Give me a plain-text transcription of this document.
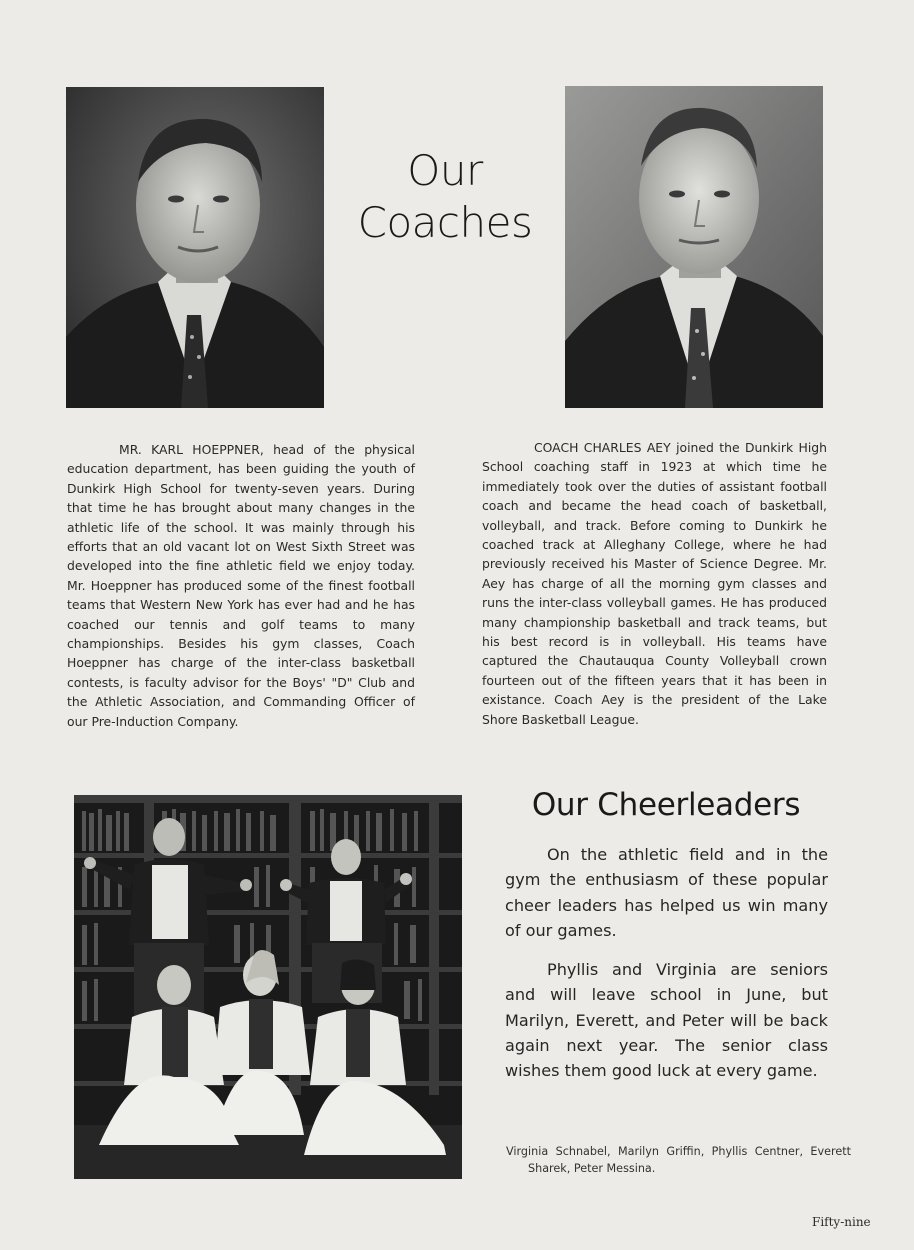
Our
Coaches

MR. KARL HOEPPNER, head of the physical education department, has been guiding the youth of Dunkirk High School for twenty-seven years. During that time he has brought about many changes in the athletic life of the school. It was mainly through his efforts that an old vacant lot on West Sixth Street was developed into the fine athletic field we enjoy today. Mr. Hoeppner has produced some of the finest football teams that Western New York has ever had and he has coached our tennis and golf teams to many championships. Besides his gym classes, Coach Hoeppner has charge of the inter-class basketball contests, is faculty advisor for the Boys' "D" Club and the Athletic Association, and Commanding Officer of our Pre-Induction Company.

COACH CHARLES AEY joined the Dunkirk High School coaching staff in 1923 at which time he immediately took over the duties of assistant football coach and became the head coach of basketball, volleyball, and track. Before coming to Dunkirk he coached track at Alleghany College, where he had previously received his Master of Science Degree. Mr. Aey has charge of all the morning gym classes and runs the inter-class volleyball games. He has produced many championship basketball and track teams, but his best record is in volleyball. His teams have captured the Chautauqua County Volleyball crown fourteen out of the fifteen years that it has been in existance. Coach Aey is the president of the Lake Shore Basketball League.

Our Cheerleaders

On the athletic field and in the gym the enthusiasm of these popular cheer leaders has helped us win many of our games.

Phyllis and Virginia are seniors and will leave school in June, but Marilyn, Everett, and Peter will be back again next year. The senior class wishes them good luck at every game.

Virginia Schnabel, Marilyn Griffin, Phyllis Centner, Everett Sharek, Peter Messina.

Fifty-nine
